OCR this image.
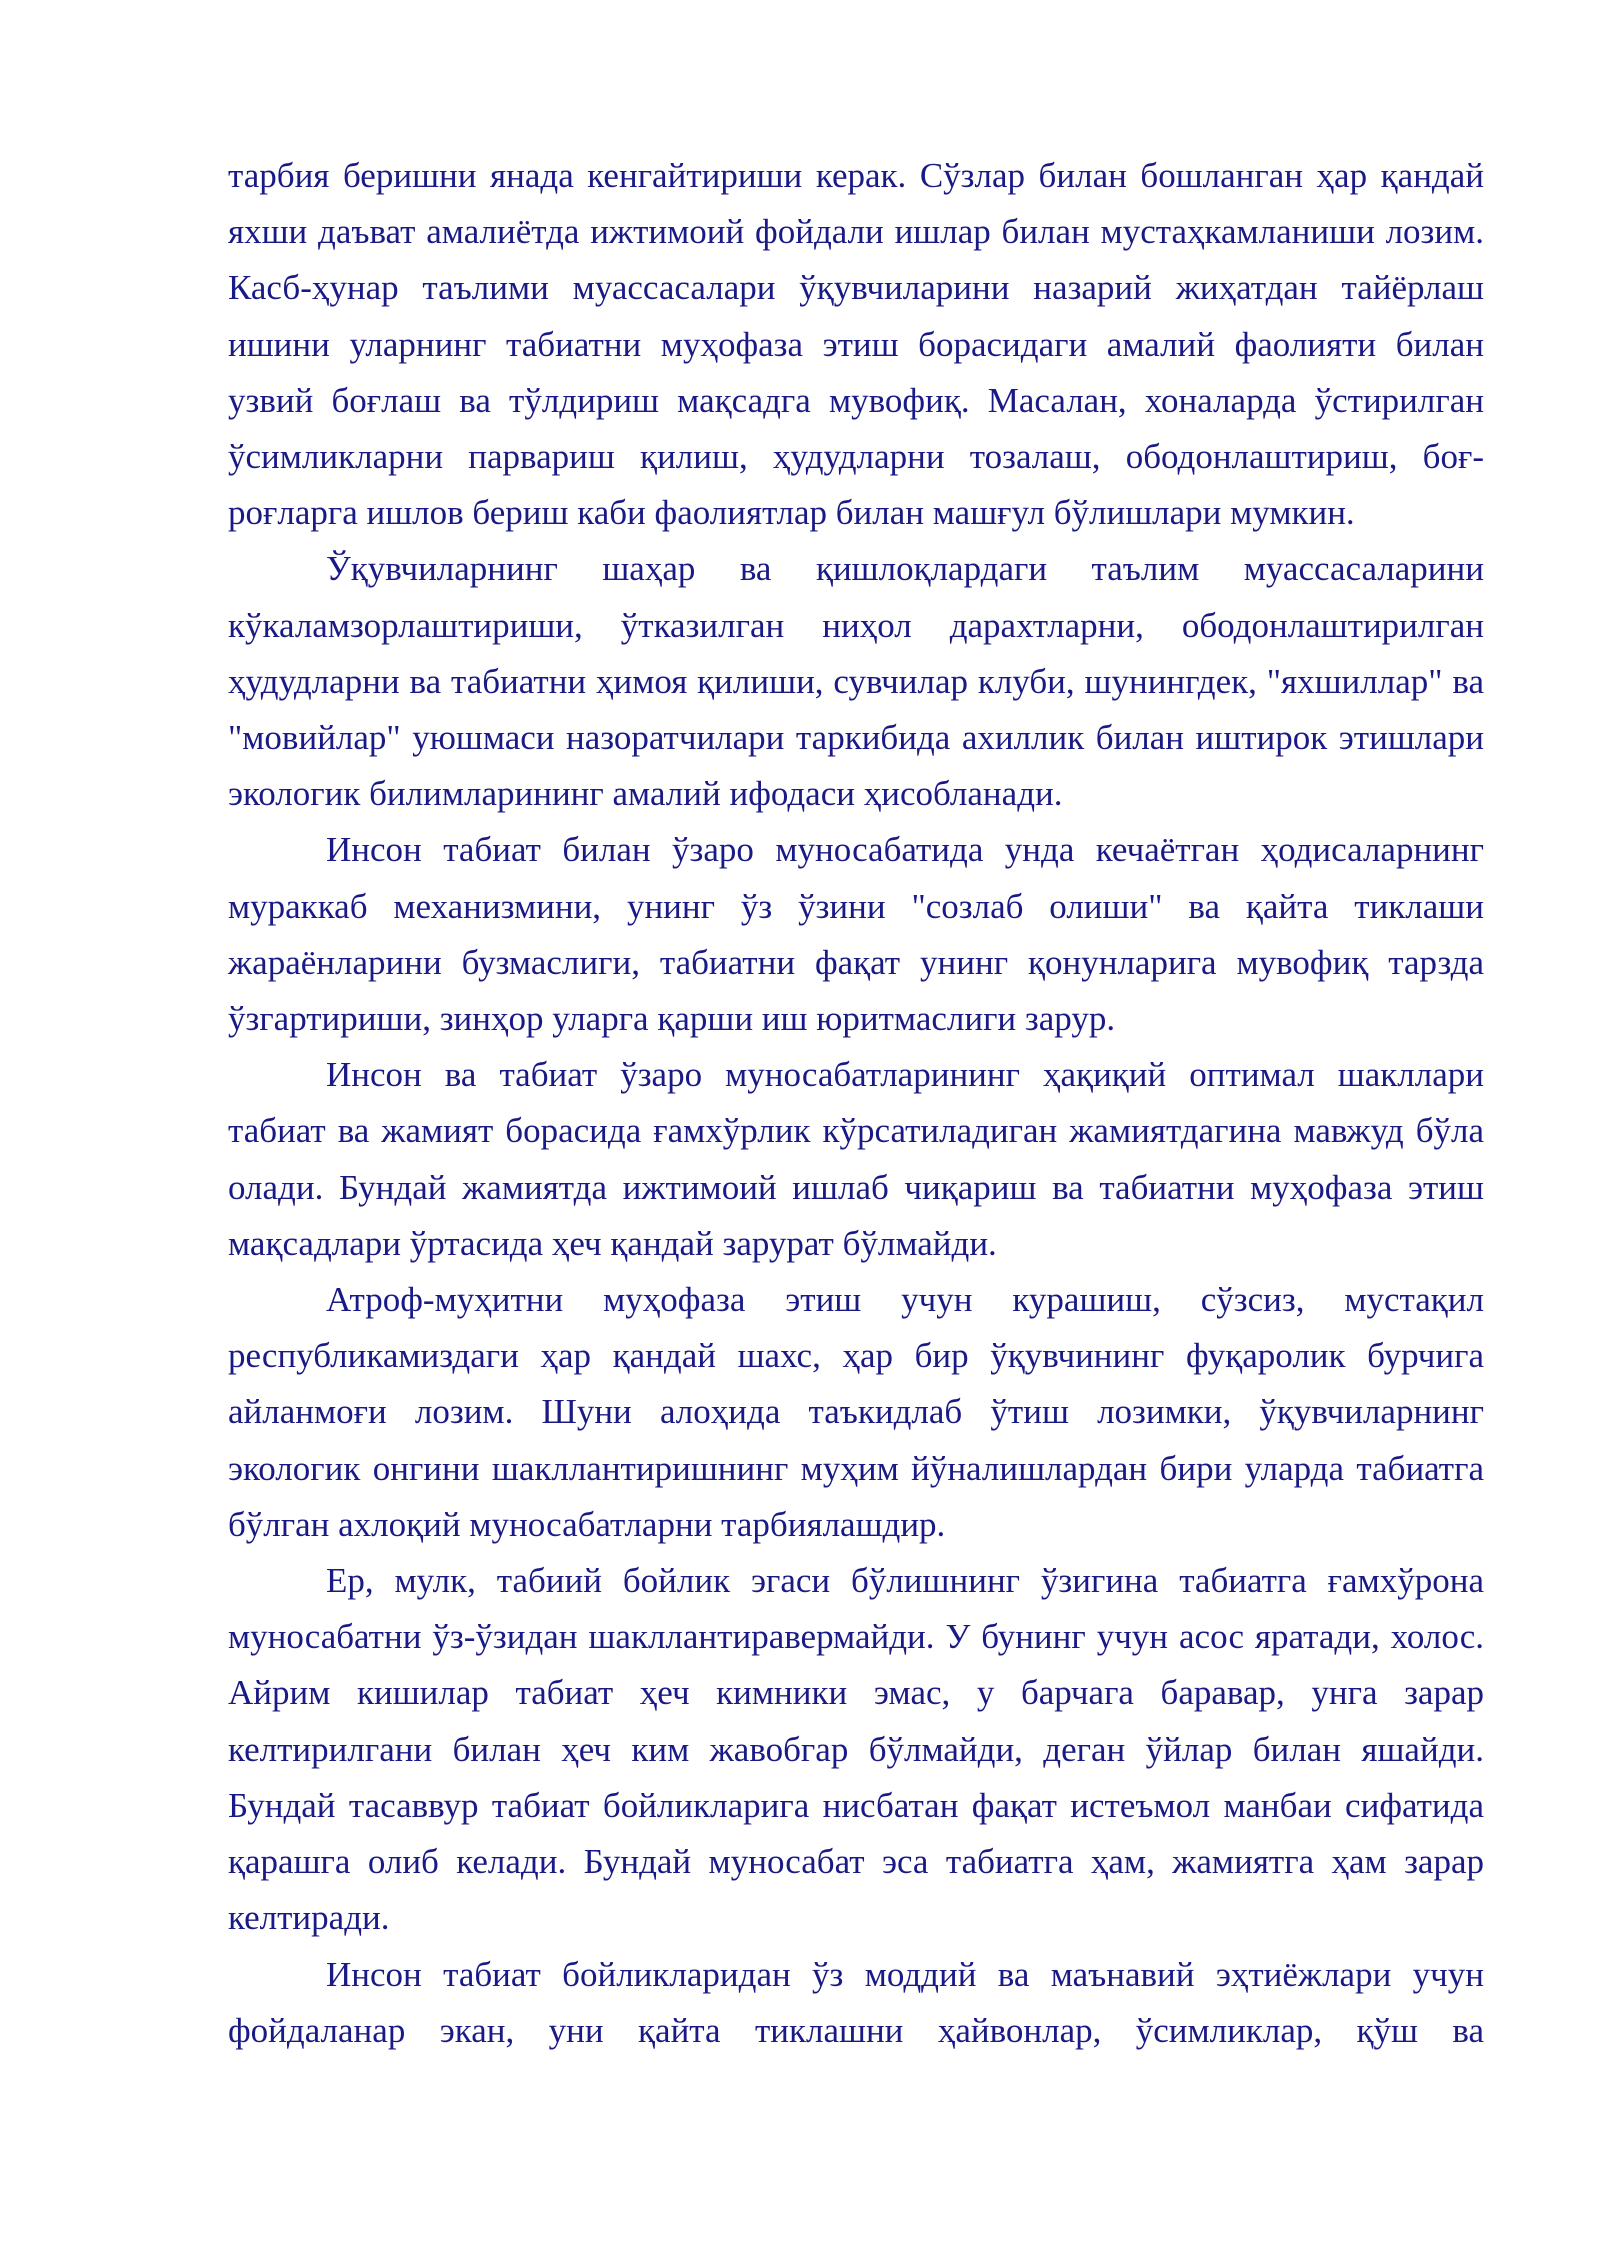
тарбия беришни янада кенгайтириши керак. Сўзлар билан бошланган ҳар қандай яхши даъват амалиётда ижтимоий фойдали ишлар билан мустаҳкамланиши лозим. Касб-ҳунар таълими муассасалари ўқувчиларини назарий жиҳатдан тайёрлаш ишини уларнинг табиатни муҳофаза этиш борасидаги амалий фаолияти билан узвий боғлаш ва тўлдириш мақсадга мувофиқ. Масалан, хоналарда ўстирилган ўсимликларни парвариш қилиш, ҳудудларни тозалаш, ободонлаштириш, боғ-роғларга ишлов бериш каби фаолиятлар билан машғул бўлишлари мумкин.

Ўқувчиларнинг шаҳар ва қишлоқлардаги таълим муассасаларини кўкаламзорлаштириши, ўтказилган ниҳол дарахтларни, ободонлаштирилган ҳудудларни ва табиатни ҳимоя қилиши, сувчилар клуби, шунингдек, "яхшиллар" ва "мовийлар" уюшмаси назоратчилари таркибида ахиллик билан иштирок этишлари экологик билимларининг амалий ифодаси ҳисобланади.

Инсон табиат билан ўзаро муносабатида унда кечаётган ҳодисаларнинг мураккаб механизмини, унинг ўз ўзини "созлаб олиши" ва қайта тиклаши жараёнларини бузмаслиги, табиатни фақат унинг қонунларига мувофиқ тарзда ўзгартириши, зинҳор уларга қарши иш юритмаслиги зарур.

Инсон ва табиат ўзаро муносабатларининг ҳақиқий оптимал шакллари табиат ва жамият борасида ғамхўрлик кўрсатиладиган жамиятдагина мавжуд бўла олади. Бундай жамиятда ижтимоий ишлаб чиқариш ва табиатни муҳофаза этиш мақсадлари ўртасида ҳеч қандай зарурат бўлмайди.

Атроф-муҳитни муҳофаза этиш учун курашиш, сўзсиз, мустақил республикамиздаги ҳар қандай шахс, ҳар бир ўқувчининг фуқаролик бурчига айланмоғи лозим. Шуни алоҳида таъкидлаб ўтиш лозимки, ўқувчиларнинг экологик онгини шакллантиришнинг муҳим йўналишлардан бири уларда табиатга бўлган ахлоқий муносабатларни тарбиялашдир.

Ер, мулк, табиий бойлик эгаси бўлишнинг ўзигина табиатга ғамхўрона муносабатни ўз-ўзидан шакллантиравермайди. У бунинг учун асос яратади, холос. Айрим кишилар табиат ҳеч кимники эмас, у барчага баравар, унга зарар келтирилгани билан ҳеч ким жавобгар бўлмайди, деган ўйлар билан яшайди. Бундай тасаввур табиат бойликларига нисбатан фақат истеъмол манбаи сифатида қарашга олиб келади. Бундай муносабат эса табиатга ҳам, жамиятга ҳам зарар келтиради.

Инсон табиат бойликларидан ўз моддий ва маънавий эҳтиёжлари учун фойдаланар экан, уни қайта тиклашни ҳайвонлар, ўсимликлар, қўш ва
